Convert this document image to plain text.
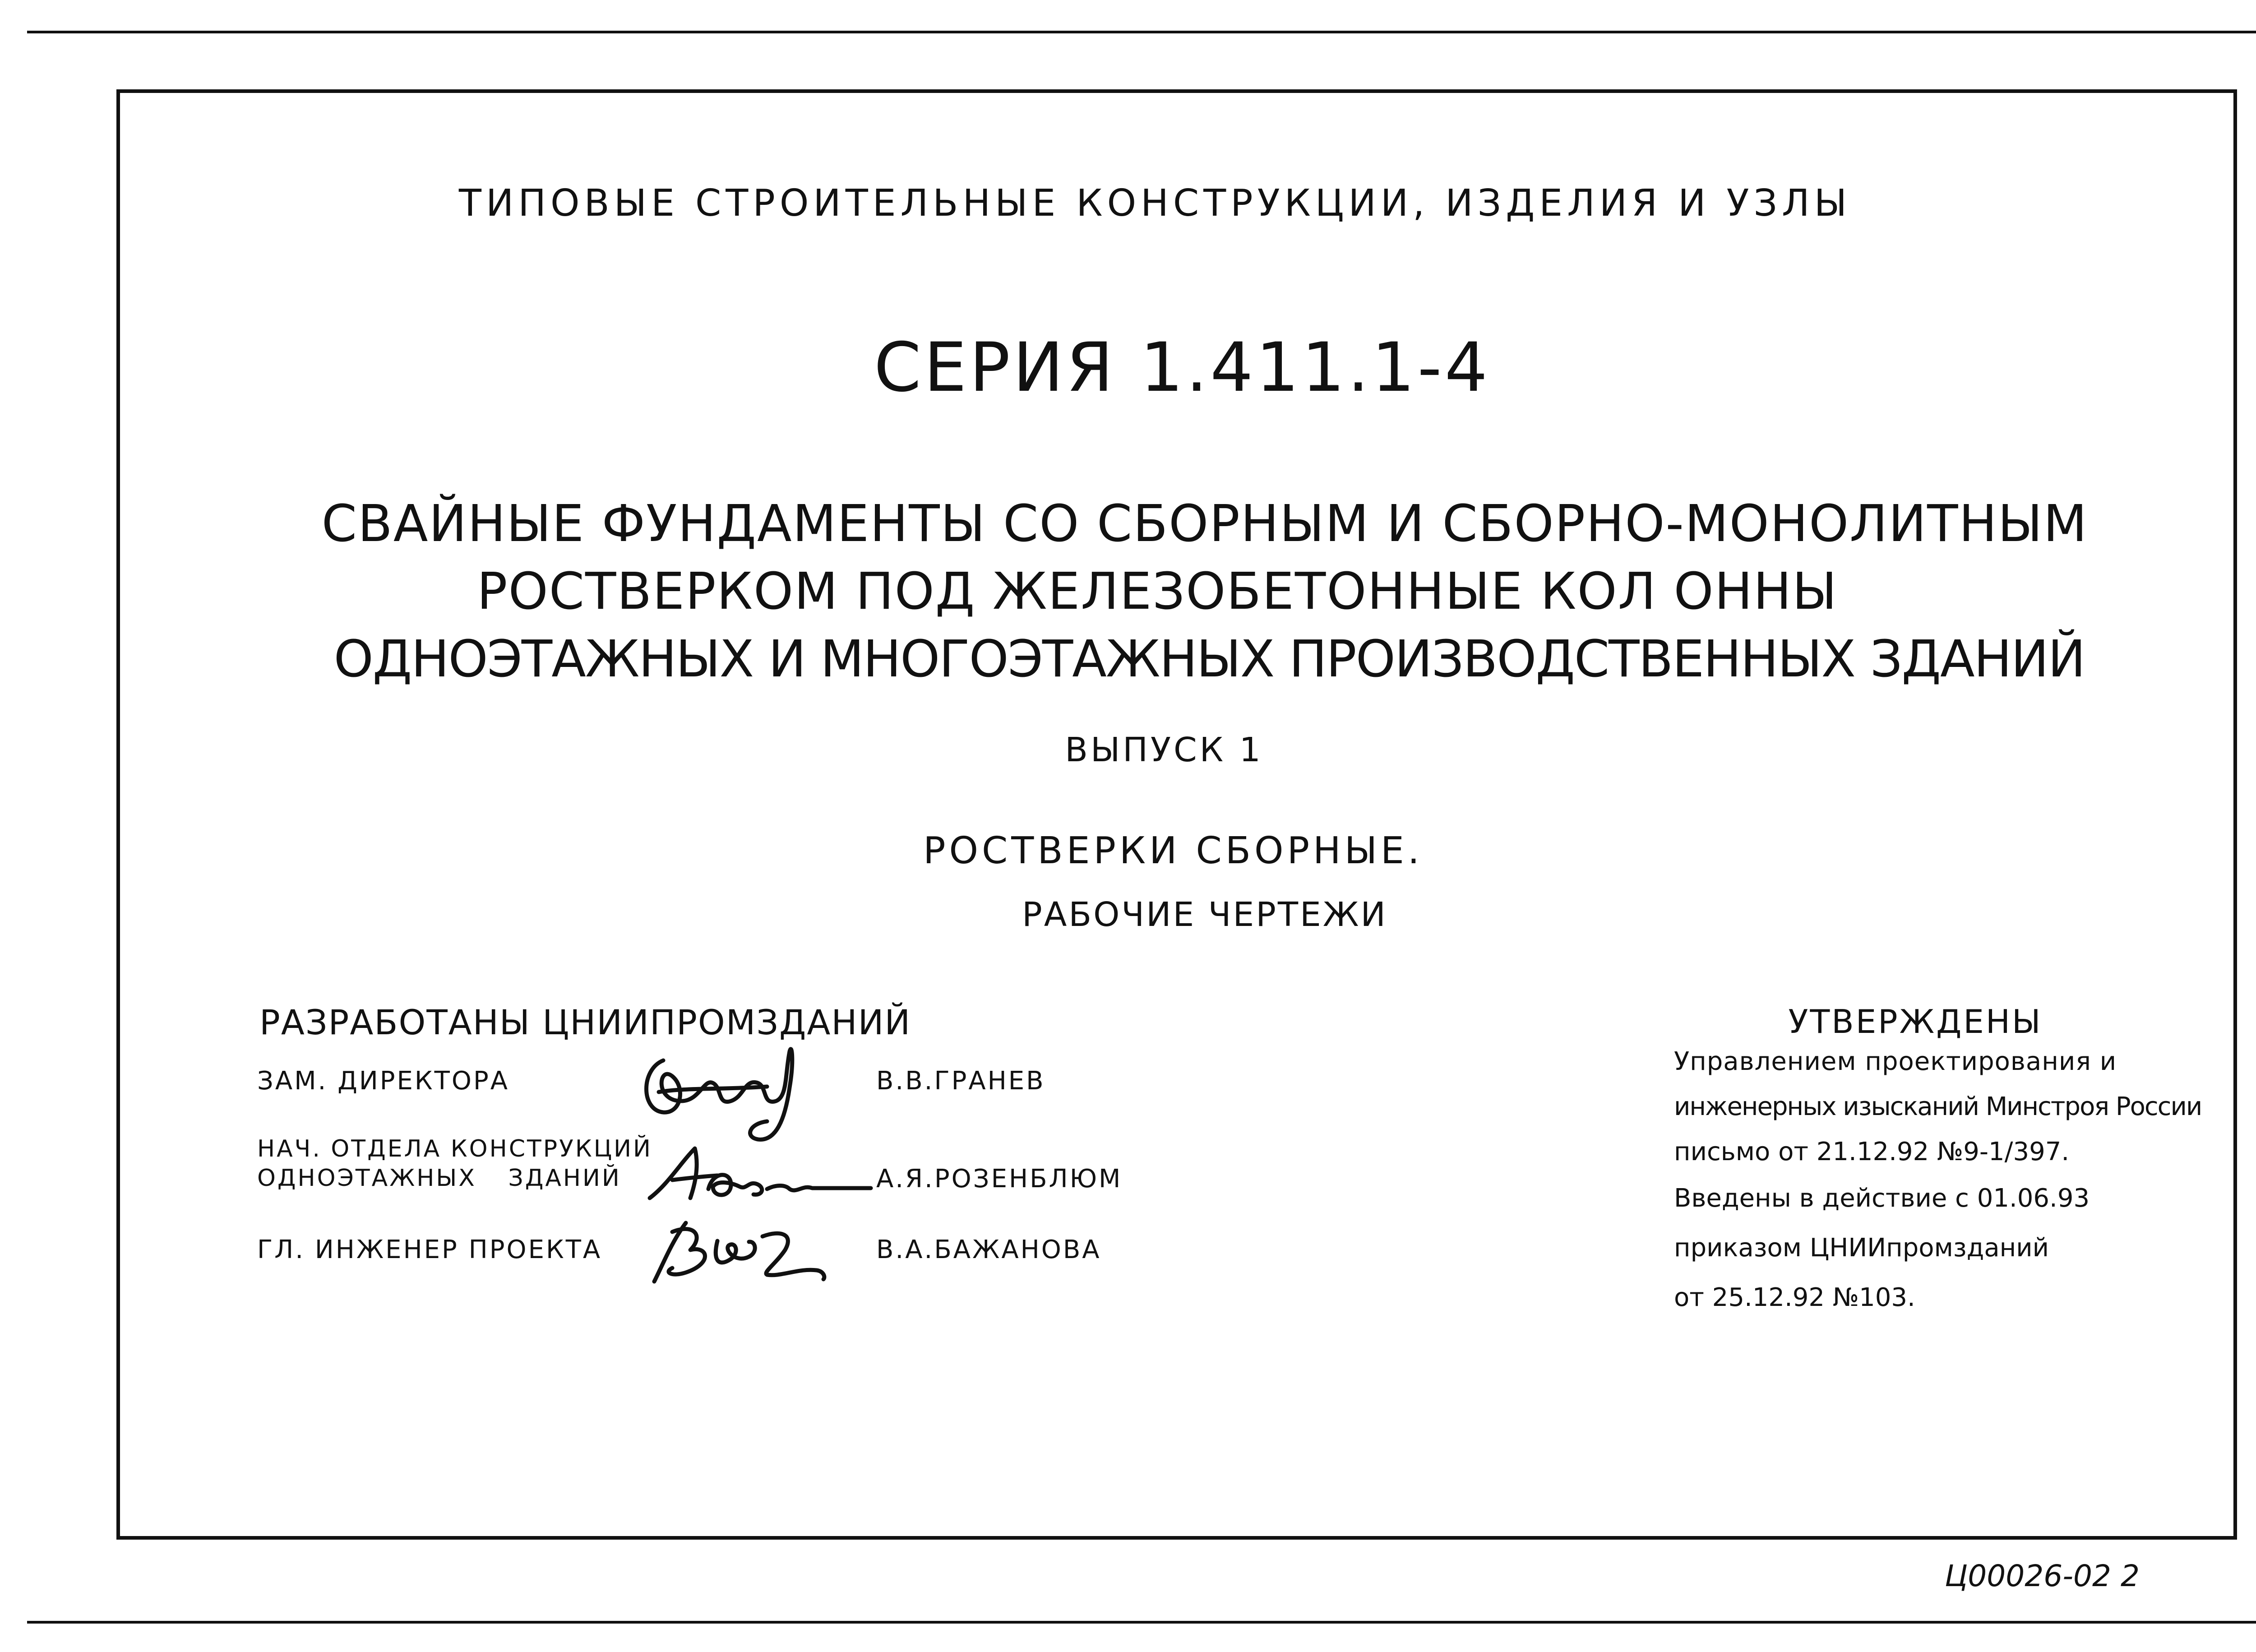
ТИПОВЫЕ СТРОИТЕЛЬНЫЕ КОНСТРУКЦИИ, ИЗДЕЛИЯ И УЗЛЫ
СЕРИЯ 1.411.1-4
СВАЙНЫЕ ФУНДАМЕНТЫ СО СБОРНЫМ И СБОРНО-МОНОЛИТНЫМ
РОСТВЕРКОМ ПОД ЖЕЛЕЗОБЕТОННЫЕ КОЛ ОННЫ
ОДНОЭТАЖНЫХ И МНОГОЭТАЖНЫХ ПРОИЗВОДСТВЕННЫХ ЗДАНИЙ
ВЫПУСК 1
РОСТВЕРКИ СБОРНЫЕ.
РАБОЧИЕ ЧЕРТЕЖИ
РАЗРАБОТАНЫ ЦНИИПРОМЗДАНИЙ
ЗАМ. ДИРЕКТОРА
НАЧ. ОТДЕЛА КОНСТРУКЦИЙ
ОДНОЭТАЖНЫХ ЗДАНИЙ
ГЛ. ИНЖЕНЕР ПРОЕКТА
В.В.ГРАНЕВ
А.Я.РОЗЕНБЛЮМ
В.А.БАЖАНОВА
УТВЕРЖДЕНЫ
Управлением проектирования и
инженерных изысканий Минстроя России
письмо от 21.12.92 №9-1/397.
Введены в действие с 01.06.93
приказом ЦНИИпромзданий
от 25.12.92 №103.
Ц00026-02 2
